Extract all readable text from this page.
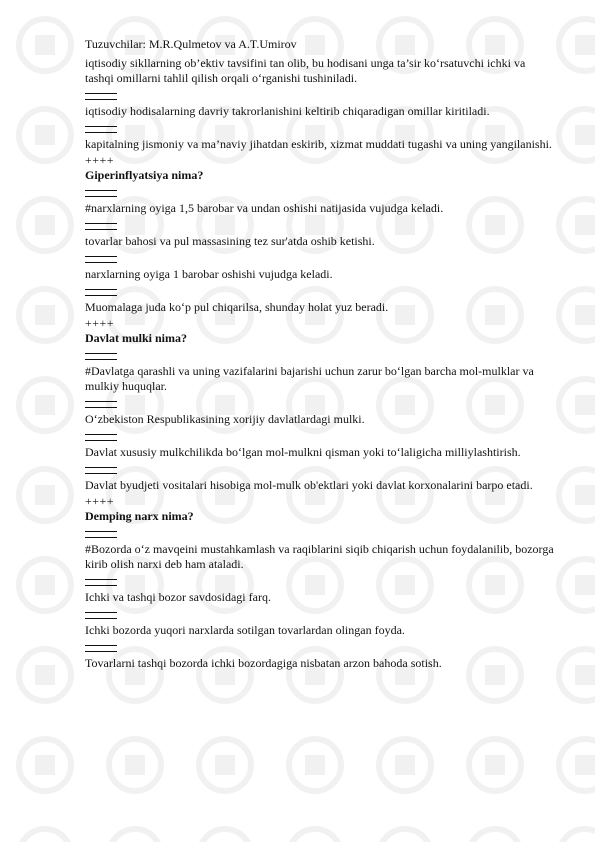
Tuzuvchilar: M.R.Qulmetov va A.T.Umirov

iqtisodiy sikllarning ob’ektiv tavsifini tan olib, bu hodisani unga ta’sir ko‘rsatuvchi ichki va tashqi omillarni tahlil qilish orqali o‘rganishi tushiniladi.

iqtisodiy hodisalarning davriy takrorlanishini keltirib chiqaradigan omillar kiritiladi.

kapitalning jismoniy va ma’naviy jihatdan eskirib, xizmat muddati tugashi va uning yangilanishi.

++++

Giperinflyatsiya nima?

#narxlarning oyiga 1,5 barobar va undan oshishi natijasida vujudga keladi.

tovarlar bahosi va pul massasining tez sur'atda oshib ketishi.

narxlarning oyiga 1 barobar oshishi vujudga keladi.

Muomalaga juda ko‘p pul chiqarilsa, shunday holat yuz beradi.

++++

Davlat mulki nima?

#Davlatga qarashli va uning vazifalarini bajarishi uchun zarur bo‘lgan barcha mol-mulklar va mulkiy huquqlar.

O‘zbekiston Respublikasining xorijiy davlatlardagi mulki.

Davlat xususiy mulkchilikda bo‘lgan mol-mulkni qisman yoki to‘laligicha milliylashtirish.

Davlat byudjeti vositalari hisobiga mol-mulk ob'ektlari yoki davlat korxonalarini barpo etadi.

++++

Demping narx nima?

#Bozorda o‘z mavqeini mustahkamlash va raqiblarini siqib chiqarish uchun foydalanilib, bozorga kirib olish narxi deb ham ataladi.

Ichki va tashqi bozor savdosidagi farq.

Ichki bozorda yuqori narxlarda sotilgan tovarlardan olingan foyda.

Tovarlarni tashqi bozorda ichki bozordagiga nisbatan arzon bahoda sotish.
